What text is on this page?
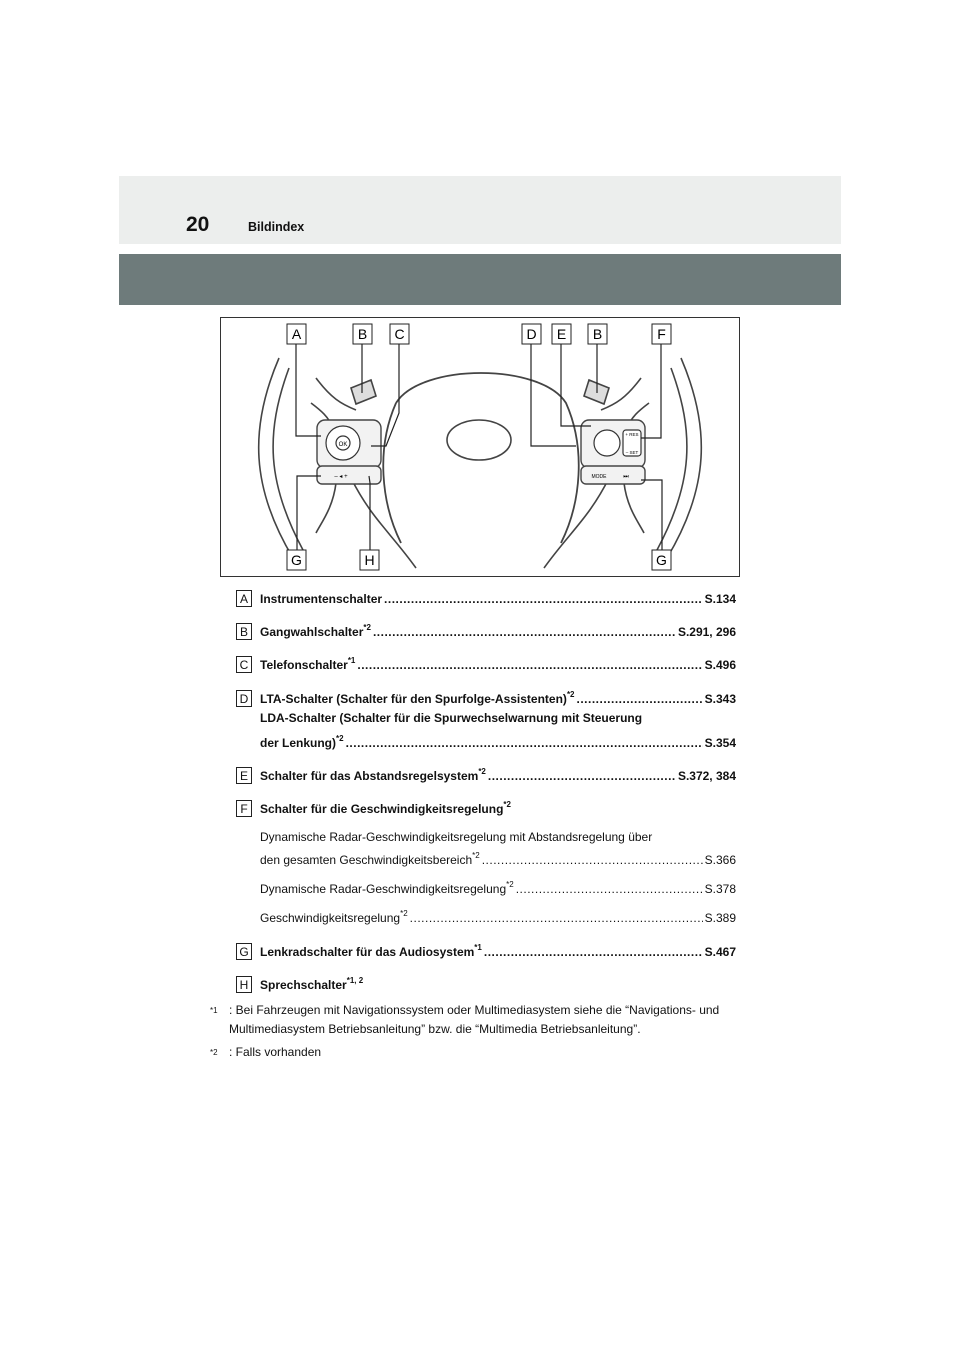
20	Bildindex
OK
+ RES
– SET
MODE	⏭
– ◂ +
A	B C	D E B	F
G	H	G
A	Instrumentenschalter .....	S.134
B	Gangwahlschalter$^{*2}$ .....	S.291, 296
C Telefonschalter$^{*1}$ .....	S.496
D LTA-Schalter (Schalter für den Spurfolge-Assistenten)$^{*2}$ .....	S.343
LDA-Schalter (Schalter für die Spurwechselwarnung mit Steuerung
der Lenkung)$^{*2}$ .....	S.354
E	Schalter für das Abstandsregelsystem$^{*2}$ .....	S.372, 384
F	Schalter für die Geschwindigkeitsregelung$^{*2}$
Dynamische Radar-Geschwindigkeitsregelung mit Abstandsregelung über
den gesamten Geschwindigkeitsbereich$^{*2}$ .....	S.366
Dynamische Radar-Geschwindigkeitsregelung$^{*2}$ .....	S.378
Geschwindigkeitsregelung$^{*2}$ .....	S.389
G Lenkradschalter für das Audiosystem$^{*1}$ .....	S.467
H Sprechschalter$^{*1, 2}$
*1 : Bei Fahrzeugen mit Navigationssystem oder Multimediasystem siehe die “Navigations- und
Multimediasystem Betriebsanleitung” bzw. die “Multimedia Betriebsanleitung”.
*2 : Falls vorhanden
